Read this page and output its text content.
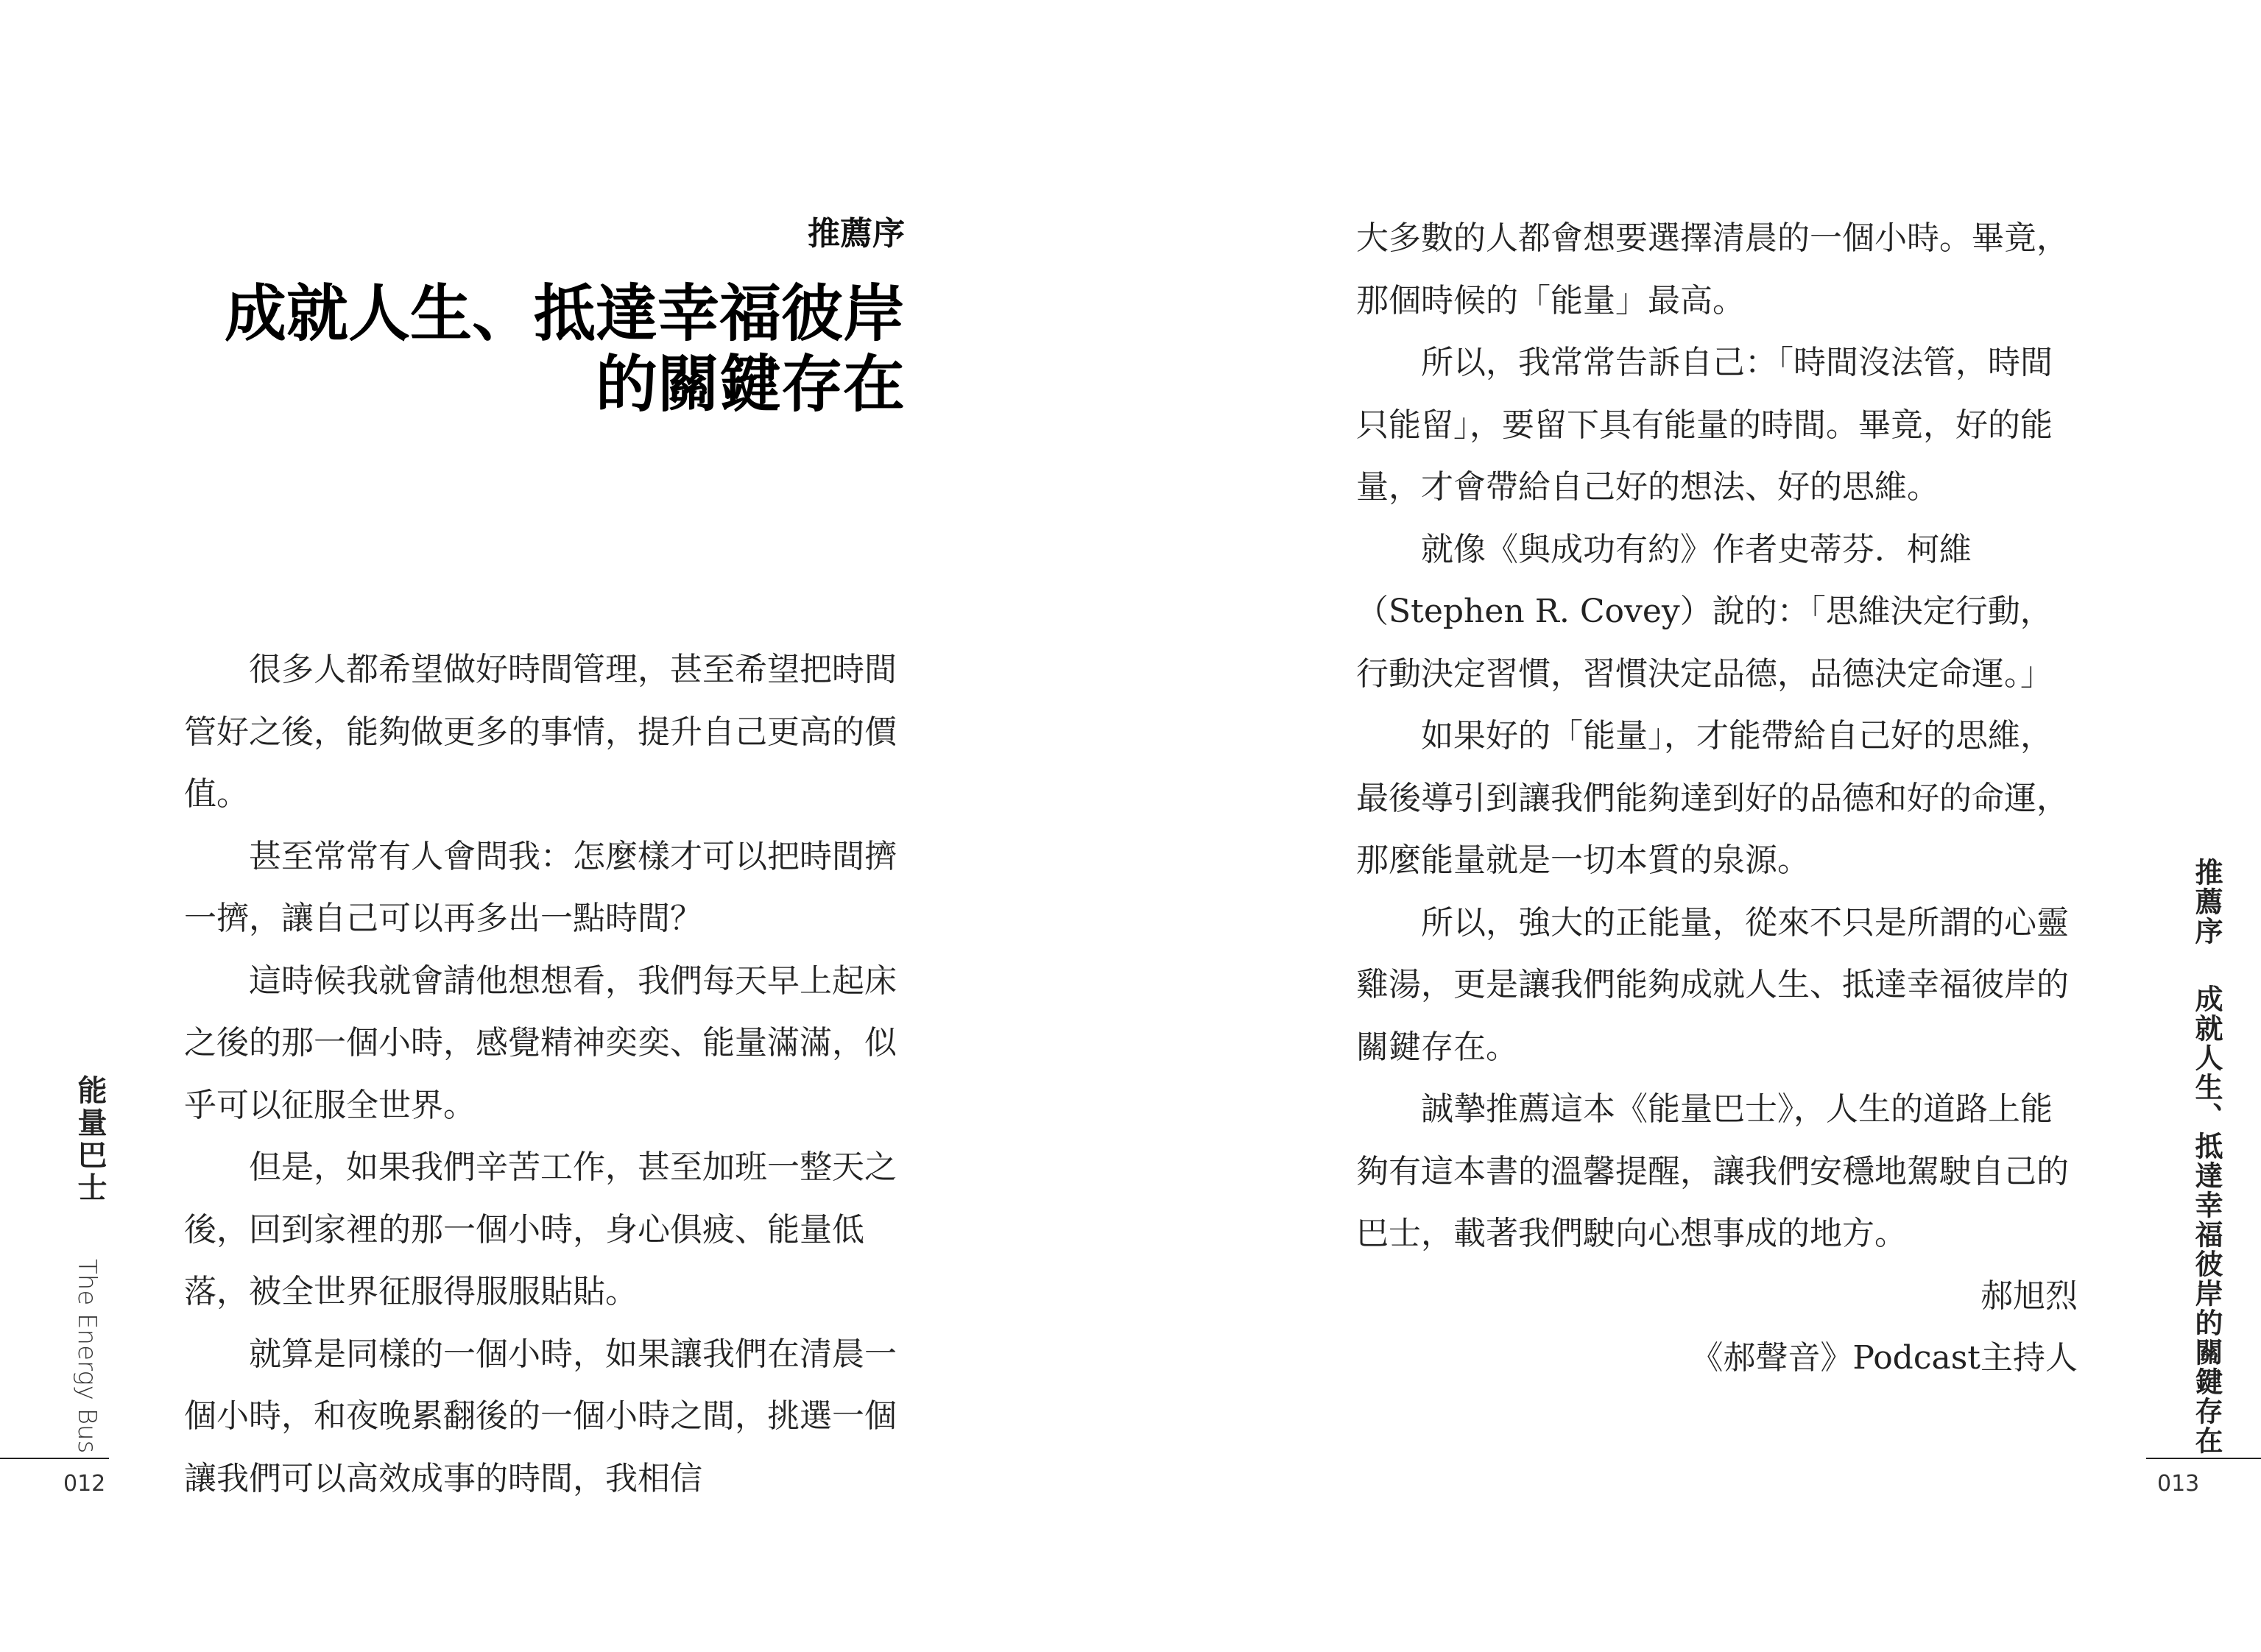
推薦序
成就人生、抵達幸福彼岸
的關鍵存在

很多人都希望做好時間管理，甚至希望把時間管好之後，能夠做更多的事情，提升自己更高的價值。

甚至常常有人會問我：怎麼樣才可以把時間擠一擠，讓自己可以再多出一點時間？

這時候我就會請他想想看，我們每天早上起床之後的那一個小時，感覺精神奕奕、能量滿滿，似乎可以征服全世界。

但是，如果我們辛苦工作，甚至加班一整天之後，回到家裡的那一個小時，身心俱疲、能量低落，被全世界征服得服服貼貼。

就算是同樣的一個小時，如果讓我們在清晨一個小時，和夜晚累翻後的一個小時之間，挑選一個讓我們可以高效成事的時間，我相信

能量巴士
The Energy Bus
012

大多數的人都會想要選擇清晨的一個小時。畢竟，那個時候的「能量」最高。

所以，我常常告訴自己：「時間沒法管，時間只能留」，要留下具有能量的時間。畢竟，好的能量，才會帶給自己好的想法、好的思維。

就像《與成功有約》作者史蒂芬．柯維（Stephen R. Covey）說的：「思維決定行動，行動決定習慣，習慣決定品德，品德決定命運。」

如果好的「能量」，才能帶給自己好的思維，最後導引到讓我們能夠達到好的品德和好的命運，那麼能量就是一切本質的泉源。

所以，強大的正能量，從來不只是所謂的心靈雞湯，更是讓我們能夠成就人生、抵達幸福彼岸的關鍵存在。

誠摯推薦這本《能量巴士》，人生的道路上能夠有這本書的溫馨提醒，讓我們安穩地駕駛自己的巴士，載著我們駛向心想事成的地方。

郝旭烈

《郝聲音》Podcast主持人

推薦序
成就人生、抵達幸福彼岸的關鍵存在
013
